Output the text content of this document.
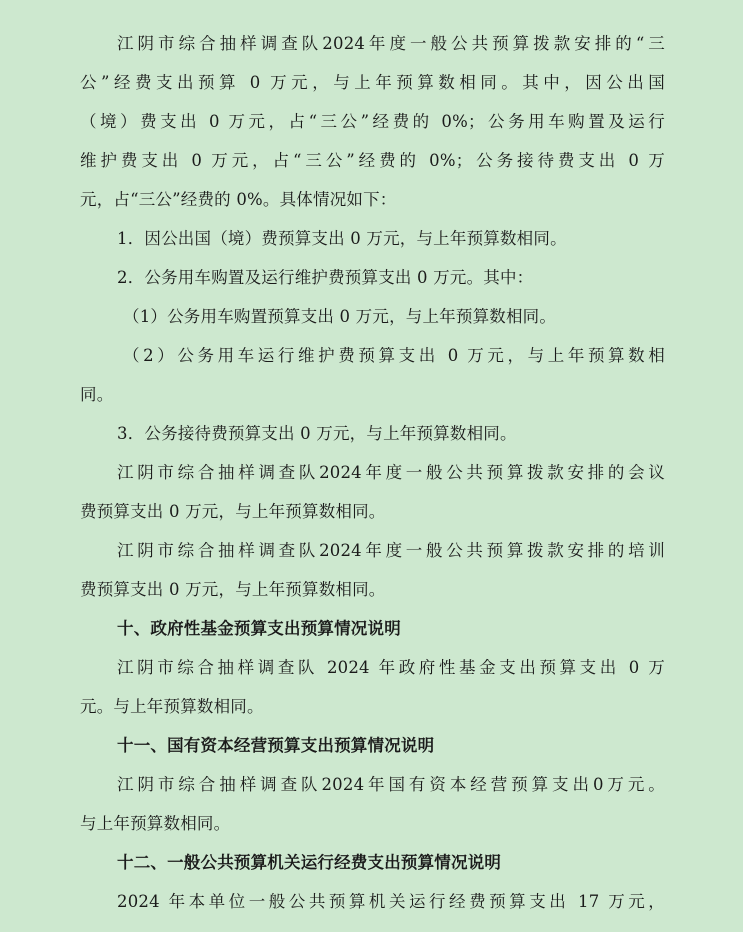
江阴市综合抽样调查队2024年度一般公共预算拨款安排的“三
公”经费支出预算 0 万元，与上年预算数相同。其中，因公出国
（境）费支出 0 万元，占“三公”经费的 0%；公务用车购置及运行
维护费支出 0 万元，占“三公”经费的 0%；公务接待费支出 0 万
元，占“三公”经费的 0%。具体情况如下：
1．因公出国（境）费预算支出 0 万元，与上年预算数相同。
2．公务用车购置及运行维护费预算支出 0 万元。其中：
（1）公务用车购置预算支出 0 万元，与上年预算数相同。
（2）公务用车运行维护费预算支出 0 万元，与上年预算数相
同。
3．公务接待费预算支出 0 万元，与上年预算数相同。
江阴市综合抽样调查队2024年度一般公共预算拨款安排的会议
费预算支出 0 万元，与上年预算数相同。
江阴市综合抽样调查队2024年度一般公共预算拨款安排的培训
费预算支出 0 万元，与上年预算数相同。
十、政府性基金预算支出预算情况说明
江阴市综合抽样调查队 2024 年政府性基金支出预算支出 0 万
元。与上年预算数相同。
十一、国有资本经营预算支出预算情况说明
江阴市综合抽样调查队2024年国有资本经营预算支出0万元。
与上年预算数相同。
十二、一般公共预算机关运行经费支出预算情况说明
2024 年本单位一般公共预算机关运行经费预算支出 17 万元，
